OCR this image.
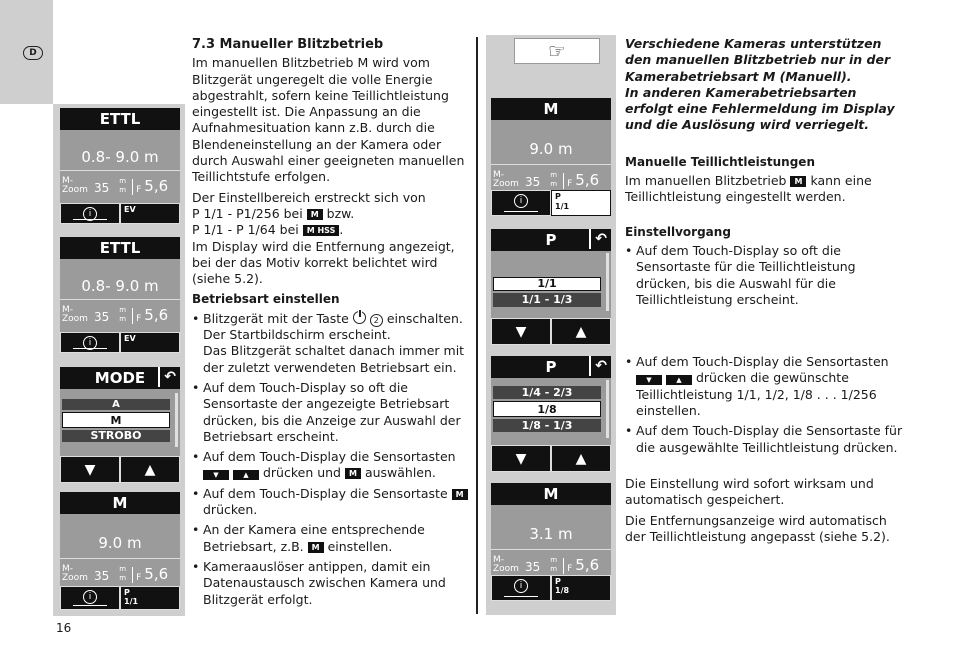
D
16
ETTL
0.8- 9.0 m
M-
Zoom 35 m
m F 5,6
i	EV
ETTL
0.8- 9.0 m
M-
Zoom 35 m
m F 5,6
i	EV
MODE	↶
A
M
STROBO
▼	▲
M
9.0 m
M-
Zoom 35 m
m F 5,6
i	P
1/1
7.3 Manueller Blitzbetrieb

Im manuellen Blitzbetrieb M wird vom Blitzgerät ungeregelt die volle Energie abgestrahlt, sofern keine Teillichtleistung eingestellt ist. Die Anpassung an die Aufnahmesituation kann z.B. durch die Blendeneinstellung an der Kamera oder durch Auswahl einer geeigneten manuellen Teillichtstufe erfolgen.

Der Einstellbereich erstreckt sich von
P 1/1 - P1/256 bei M bzw.
P 1/1 - P 1/64 bei M HSS .

Im Display wird die Entfernung angezeigt, bei der das Motiv korrekt belichtet wird (siehe 5.2).

Betriebsart einstellen
• Blitzgerät mit der Taste	2 einschalten.
Der Startbildschirm erscheint.
Das Blitzgerät schaltet danach immer mit der zuletzt verwendeten Betriebsart ein.
• Auf dem Touch-Display so oft die Sensortaste der angezeigte Betriebsart drücken, bis die Anzeige zur Auswahl der Betriebsart erscheint.
• Auf dem Touch-Display die Sensortasten
▼	▲ drücken und M auswählen.
• Auf dem Touch-Display die Sensortaste M
drücken.
• An der Kamera eine entsprechende Betriebsart, z.B. M einstellen.
• Kameraauslöser antippen, damit ein Datenaustausch zwischen Kamera und Blitzgerät erfolgt.
☞
M
9.0 m
M-
Zoom 35 m
m F 5,6
i	P
1/1
P	↶
1/1
1/1 - 1/3
▼	▲
P	↶
1/4 - 2/3
1/8
1/8 - 1/3
▼	▲
M
3.1 m
M-
Zoom 35 m
m F 5,6
i	P
1/8

Verschiedene Kameras unterstützen den manuellen Blitzbetrieb nur in der Kamerabetriebsart M (Manuell).
In anderen Kamerabetriebsarten erfolgt eine Fehlermeldung im Display und die Auslösung wird verriegelt.

Manuelle Teillichtleistungen

Im manuellen Blitzbetrieb M kann eine Teillichtleistung eingestellt werden.

Einstellvorgang
• Auf dem Touch-Display so oft die Sensortaste für die Teillichtleistung drücken, bis die Auswahl für die Teillichtleistung erscheint.
• Auf dem Touch-Display die Sensortasten
▼	▲ drücken die gewünschte Teillichtleistung 1/1, 1/2, 1/8 . . . 1/256 einstellen.
• Auf dem Touch-Display die Sensortaste für die ausgewählte Teillichtleistung drücken.

Die Einstellung wird sofort wirksam und automatisch gespeichert.

Die Entfernungsanzeige wird automatisch der Teillichtleistung angepasst (siehe 5.2).
